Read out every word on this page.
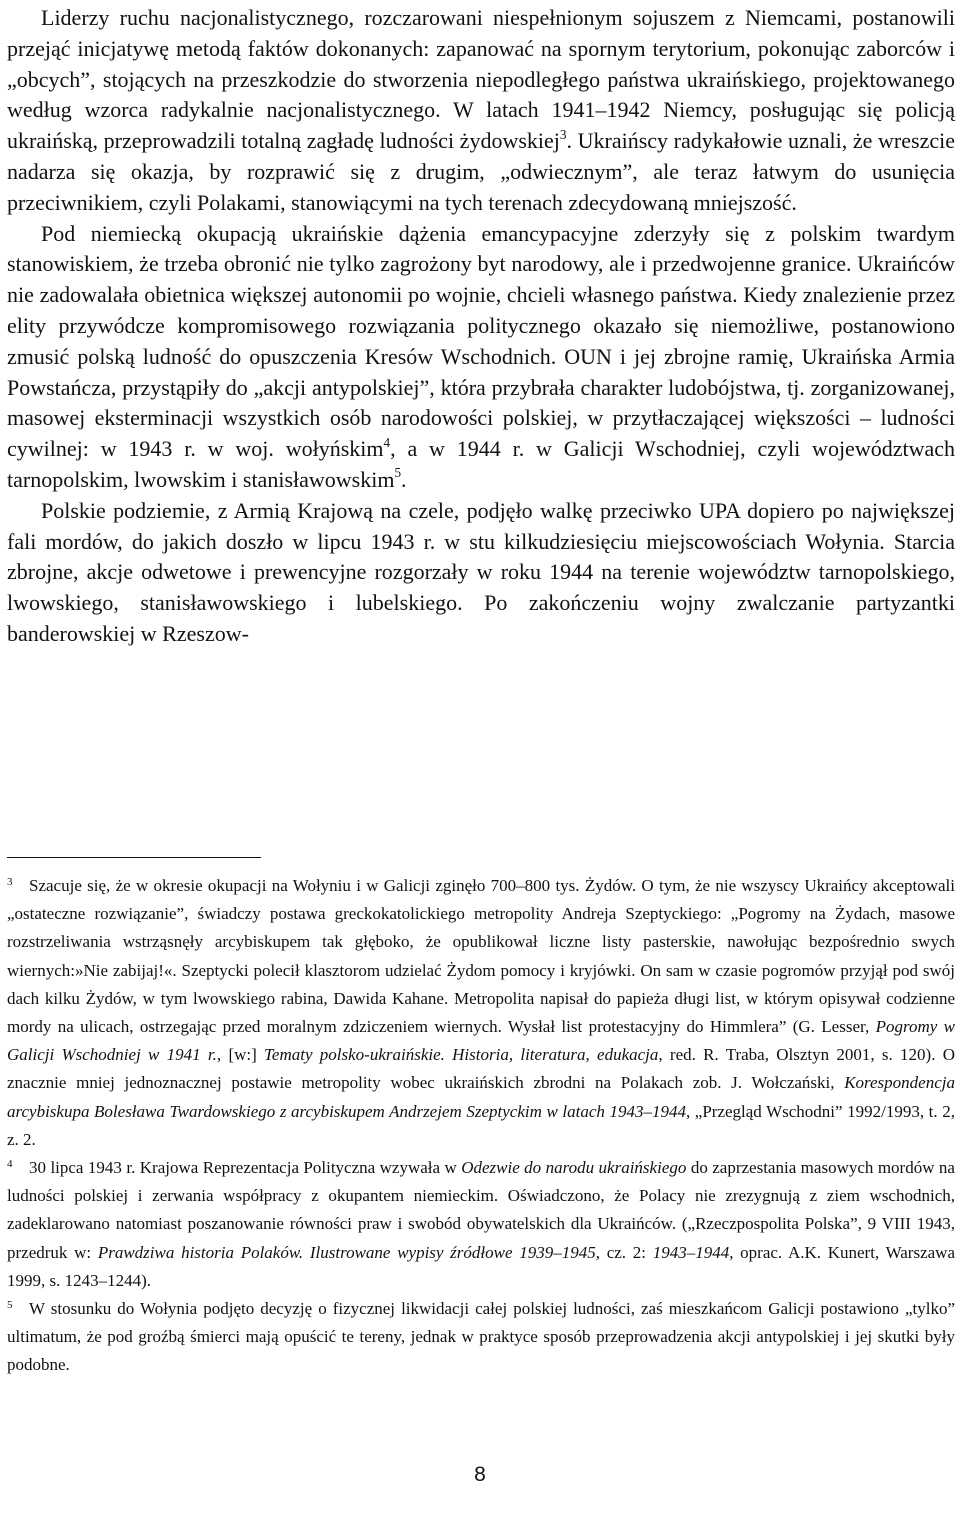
Liderzy ruchu nacjonalistycznego, rozczarowani niespełnionym sojuszem z Niemcami, postanowili przejąć inicjatywę metodą faktów dokonanych: zapanować na spornym terytorium, pokonując zaborców i „obcych”, stojących na przeszkodzie do stworzenia niepodległego państwa ukraińskiego, projektowanego według wzorca radykalnie nacjonalistycznego. W latach 1941–1942 Niemcy, posługując się policją ukraińską, przeprowadzili totalną zagładę ludności żydowskiej$^3$. Ukraińscy radykałowie uznali, że wreszcie nadarza się okazja, by rozprawić się z drugim, „odwiecznym”, ale teraz łatwym do usunięcia przeciwnikiem, czyli Polakami, stanowiącymi na tych terenach zdecydowaną mniejszość.

Pod niemiecką okupacją ukraińskie dążenia emancypacyjne zderzyły się z polskim twardym stanowiskiem, że trzeba obronić nie tylko zagrożony byt narodowy, ale i przedwojenne granice. Ukraińców nie zadowalała obietnica większej autonomii po wojnie, chcieli własnego państwa. Kiedy znalezienie przez elity przywódcze kompromisowego rozwiązania politycznego okazało się niemożliwe, postanowiono zmusić polską ludność do opuszczenia Kresów Wschodnich. OUN i jej zbrojne ramię, Ukraińska Armia Powstańcza, przystąpiły do „akcji antypolskiej”, która przybrała charakter ludobójstwa, tj. zorganizowanej, masowej eksterminacji wszystkich osób narodowości polskiej, w przytłaczającej większości – ludności cywilnej: w 1943 r. w woj. wołyńskim$^4$, a w 1944 r. w Galicji Wschodniej, czyli województwach tarnopolskim, lwowskim i stanisławowskim$^5$.

Polskie podziemie, z Armią Krajową na czele, podjęło walkę przeciwko UPA dopiero po największej fali mordów, do jakich doszło w lipcu 1943 r. w stu kilkudziesięciu miejscowościach Wołynia. Starcia zbrojne, akcje odwetowe i prewencyjne rozgorzały w roku 1944 na terenie województw tarnopolskiego, lwowskiego, stanisławowskiego i lubelskiego. Po zakończeniu wojny zwalczanie partyzantki banderowskiej w Rzeszow-

3 Szacuje się, że w okresie okupacji na Wołyniu i w Galicji zginęło 700–800 tys. Żydów. O tym, że nie wszyscy Ukraińcy akceptowali „ostateczne rozwiązanie”, świadczy postawa greckokatolickiego metropolity Andreja Szeptyckiego: „Pogromy na Żydach, masowe rozstrzeliwania wstrząsnęły arcybiskupem tak głęboko, że opublikował liczne listy pasterskie, nawołując bezpośrednio swych wiernych:»Nie zabijaj!«. Szeptycki polecił klasztorom udzielać Żydom pomocy i kryjówki. On sam w czasie pogromów przyjął pod swój dach kilku Żydów, w tym lwowskiego rabina, Dawida Kahane. Metropolita napisał do papieża długi list, w którym opisywał codzienne mordy na ulicach, ostrzegając przed moralnym zdziczeniem wiernych. Wysłał list protestacyjny do Himmlera” (G. Lesser, Pogromy w Galicji Wschodniej w 1941 r., [w:] Tematy polsko-ukraińskie. Historia, literatura, edukacja, red. R. Traba, Olsztyn 2001, s. 120). O znacznie mniej jednoznacznej postawie metropolity wobec ukraińskich zbrodni na Polakach zob. J. Wołczański, Korespondencja arcybiskupa Bolesława Twardowskiego z arcybiskupem Andrzejem Szeptyckim w latach 1943–1944, „Przegląd Wschodni” 1992/1993, t. 2, z. 2.

4 30 lipca 1943 r. Krajowa Reprezentacja Polityczna wzywała w Odezwie do narodu ukraińskiego do zaprzestania masowych mordów na ludności polskiej i zerwania współpracy z okupantem niemieckim. Oświadczono, że Polacy nie zrezygnują z ziem wschodnich, zadeklarowano natomiast poszanowanie równości praw i swobód obywatelskich dla Ukraińców. („Rzeczpospolita Polska”, 9 VIII 1943, przedruk w: Prawdziwa historia Polaków. Ilustrowane wypisy źródłowe 1939–1945, cz. 2: 1943–1944, oprac. A.K. Kunert, Warszawa 1999, s. 1243–1244).

5 W stosunku do Wołynia podjęto decyzję o fizycznej likwidacji całej polskiej ludności, zaś mieszkańcom Galicji postawiono „tylko” ultimatum, że pod groźbą śmierci mają opuścić te tereny, jednak w praktyce sposób przeprowadzenia akcji antypolskiej i jej skutki były podobne.

8
